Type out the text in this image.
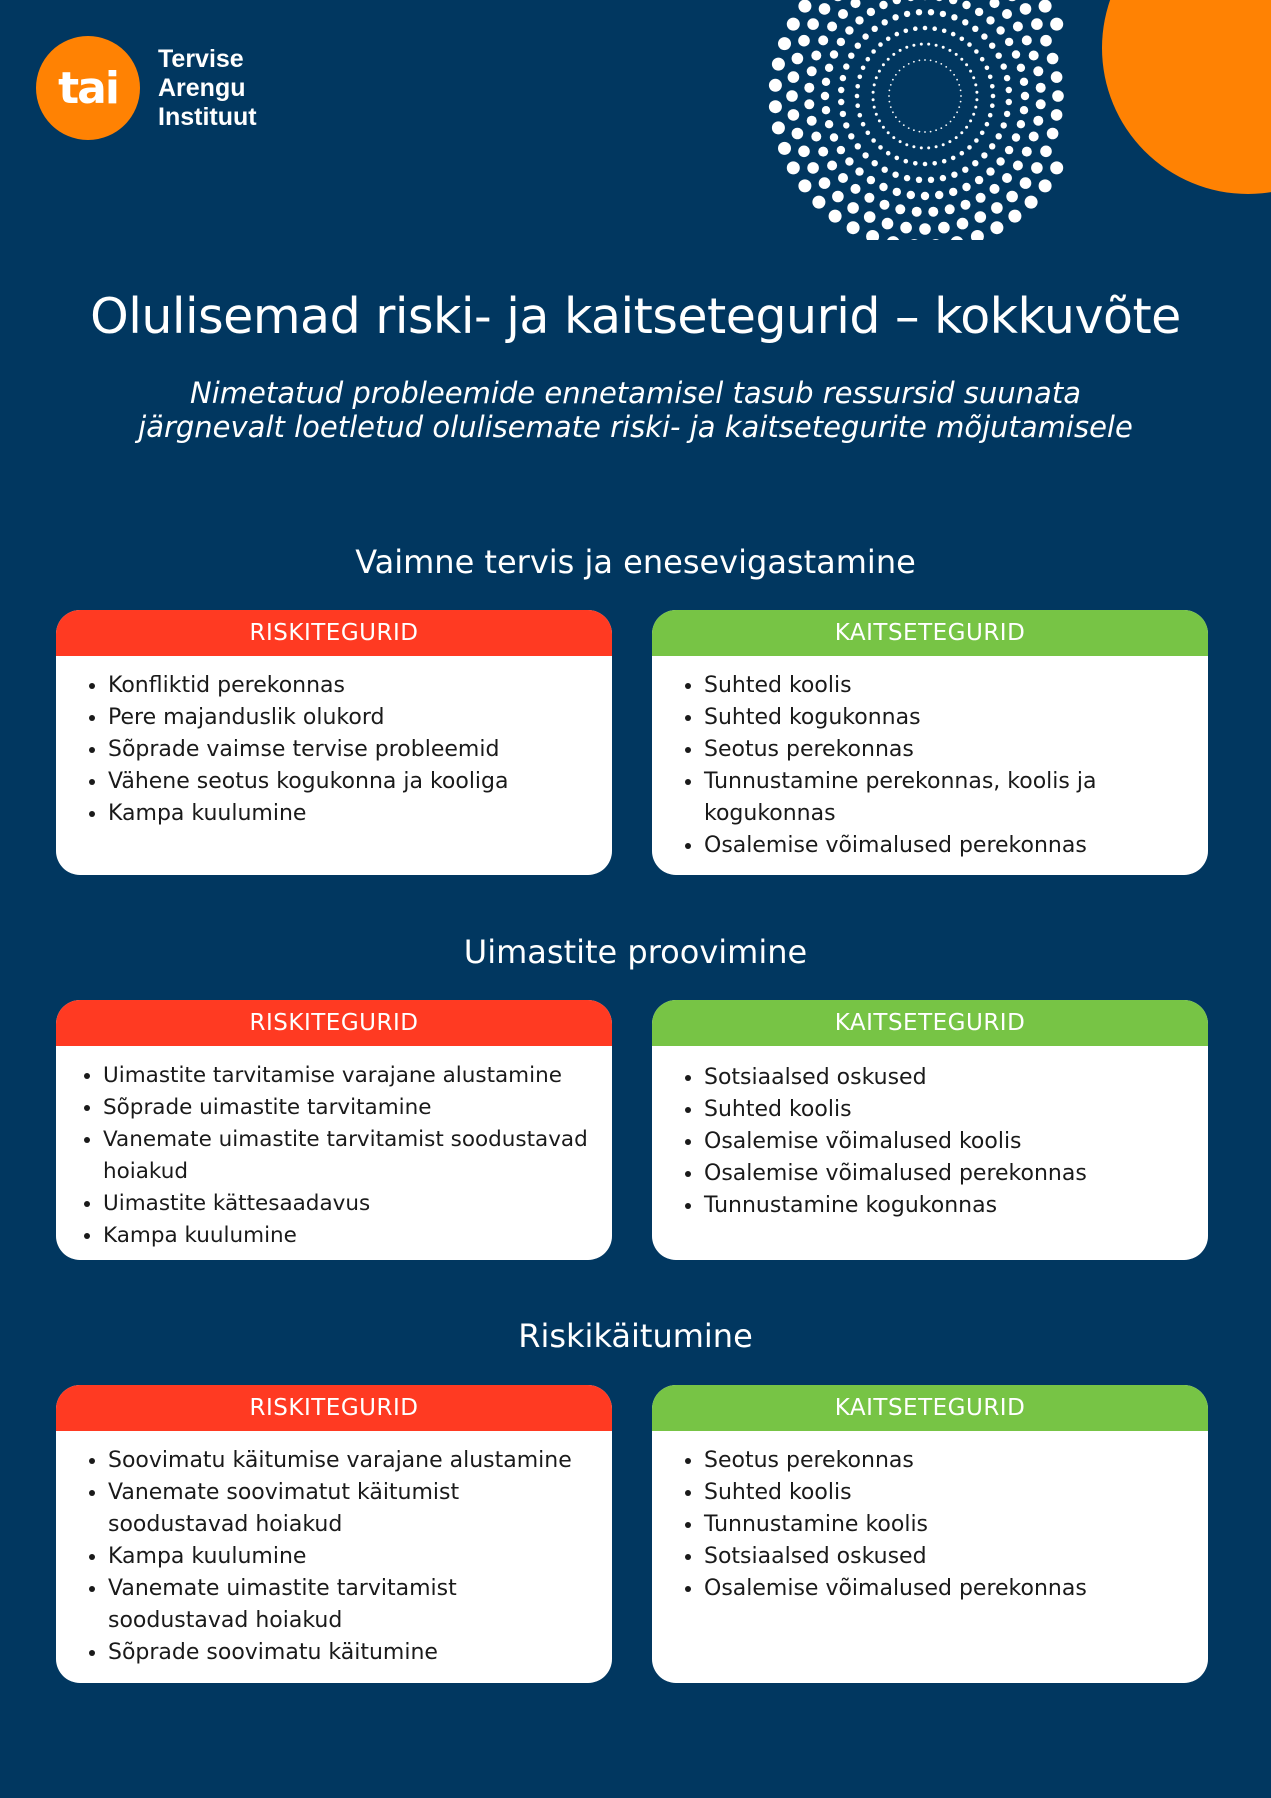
tai
Tervise
Arengu
Instituut
Olulisemad riski- ja kaitsetegurid – kokkuvõte

Nimetatud probleemide ennetamisel tasub ressursid suunata
järgnevalt loetletud olulisemate riski- ja kaitsetegurite mõjutamisele

Vaimne tervis ja enesevigastamine
RISKITEGURID
• Konfliktid perekonnas
• Pere majanduslik olukord
• Sõprade vaimse tervise probleemid
• Vähene seotus kogukonna ja kooliga
• Kampa kuulumine
KAITSETEGURID
• Suhted koolis
• Suhted kogukonnas
• Seotus perekonnas
• Tunnustamine perekonnas, koolis ja kogukonnas
• Osalemise võimalused perekonnas
Uimastite proovimine
RISKITEGURID
• Uimastite tarvitamise varajane alustamine
• Sõprade uimastite tarvitamine
• Vanemate uimastite tarvitamist soodustavad hoiakud
• Uimastite kättesaadavus
• Kampa kuulumine
KAITSETEGURID
• Sotsiaalsed oskused
• Suhted koolis
• Osalemise võimalused koolis
• Osalemise võimalused perekonnas
• Tunnustamine kogukonnas
Riskikäitumine
RISKITEGURID
• Soovimatu käitumise varajane alustamine
• Vanemate soovimatut käitumist soodustavad hoiakud
• Kampa kuulumine
• Vanemate uimastite tarvitamist soodustavad hoiakud
• Sõprade soovimatu käitumine
KAITSETEGURID
• Seotus perekonnas
• Suhted koolis
• Tunnustamine koolis
• Sotsiaalsed oskused
• Osalemise võimalused perekonnas
